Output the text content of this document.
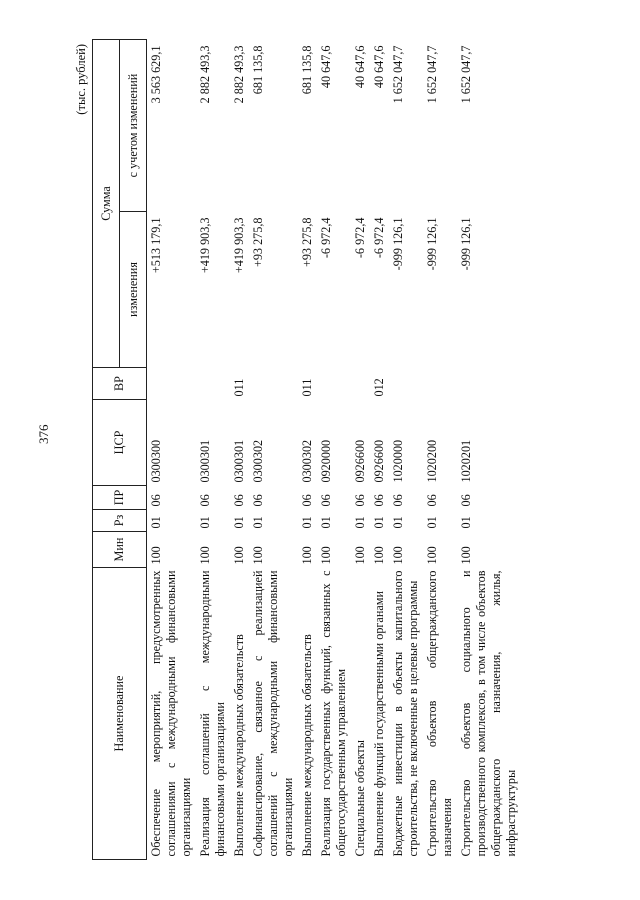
376
(тыс. рублей)
Наименование	Мин	Рз	ПР	ЦСР	ВР	Сумма	
						изменения	с учетом изменений
Обеспечение мероприятий, предусмотренных соглашениями с международными финансовыми организациями	100	01	06	0300300		+513 179,1	3 563 629,1
Реализация соглашений с международными финансовыми организациями	100	01	06	0300301		+419 903,3	2 882 493,3
Выполнение международных обязательств	100	01	06	0300301	011	+419 903,3	2 882 493,3
Софинансирование, связанное с реализацией соглашений с международными финансовыми организациями	100	01	06	0300302		+93 275,8	681 135,8
Выполнение международных обязательств	100	01	06	0300302	011	+93 275,8	681 135,8
Реализация государственных функций, связанных с общегосударственным управлением	100	01	06	0920000		-6 972,4	40 647,6
Специальные объекты	100	01	06	0926600		-6 972,4	40 647,6
Выполнение функций государственными органами	100	01	06	0926600	012	-6 972,4	40 647,6
Бюджетные инвестиции в объекты капитального строительства, не включенные в целевые программы	100	01	06	1020000		-999 126,1	1 652 047,7
Строительство объектов общегражданского назначения	100	01	06	1020200		-999 126,1	1 652 047,7
Строительство объектов социального и производственного комплексов, в том числе объектов общегражданского назначения, жилья, инфраструктуры	100	01	06	1020201		-999 126,1	1 652 047,7
